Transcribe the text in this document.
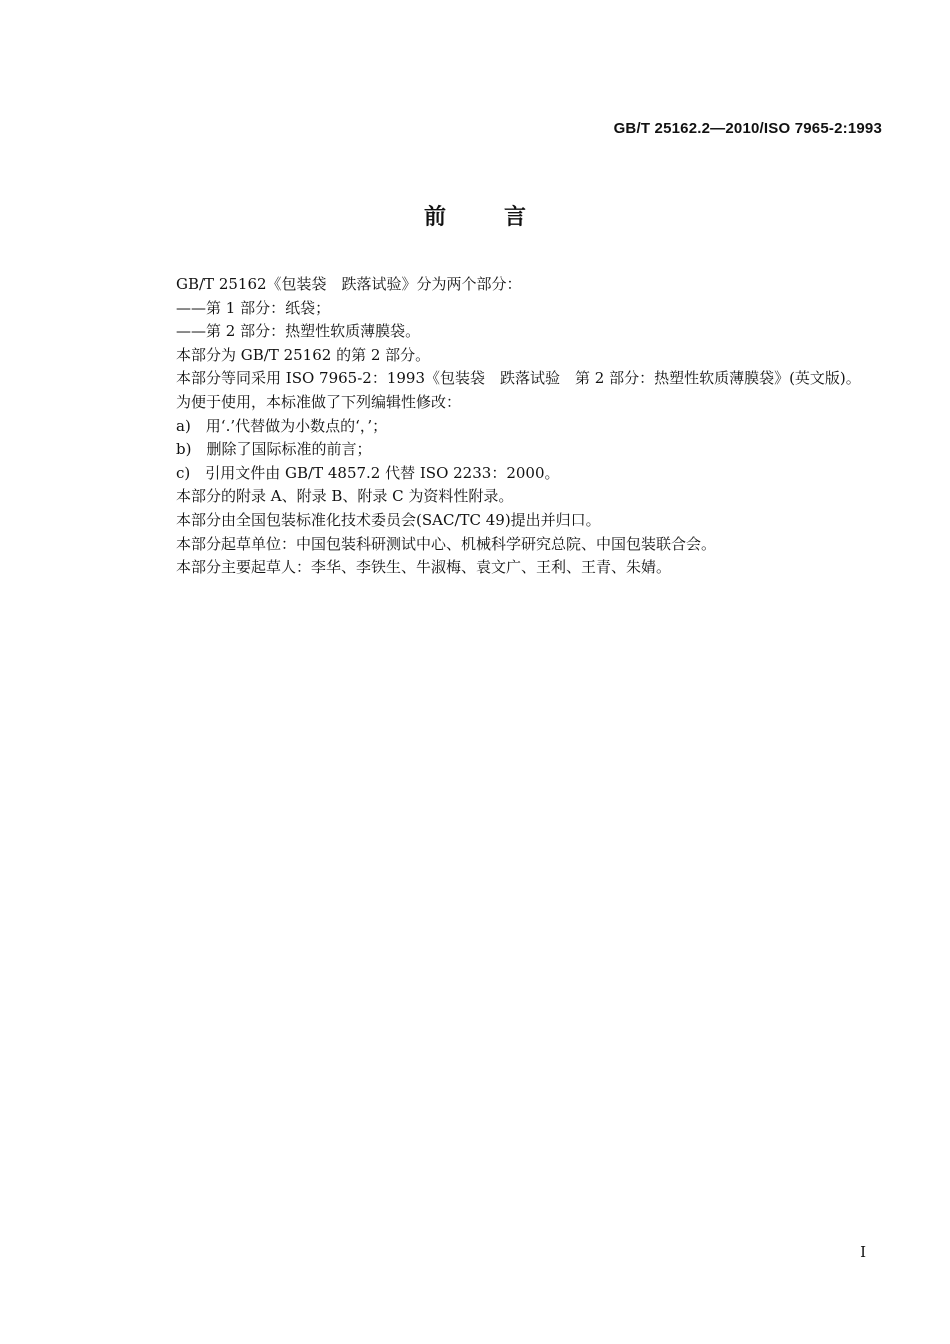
GB/T 25162.2—2010/ISO 7965-2:1993
前言
GB/T 25162《包装袋　跌落试验》分为两个部分：
——第 1 部分：纸袋；
——第 2 部分：热塑性软质薄膜袋。
本部分为 GB/T 25162 的第 2 部分。
本部分等同采用 ISO 7965-2：1993《包装袋　跌落试验　第 2 部分：热塑性软质薄膜袋》(英文版)。
为便于使用，本标准做了下列编辑性修改：
a)　用‘.’代替做为小数点的‘，’；
b)　删除了国际标准的前言；
c)　引用文件由 GB/T 4857.2 代替 ISO 2233：2000。
本部分的附录 A、附录 B、附录 C 为资料性附录。
本部分由全国包装标准化技术委员会(SAC/TC 49)提出并归口。
本部分起草单位：中国包装科研测试中心、机械科学研究总院、中国包装联合会。
本部分主要起草人：李华、李铁生、牛淑梅、袁文广、王利、王青、朱婧。
I
